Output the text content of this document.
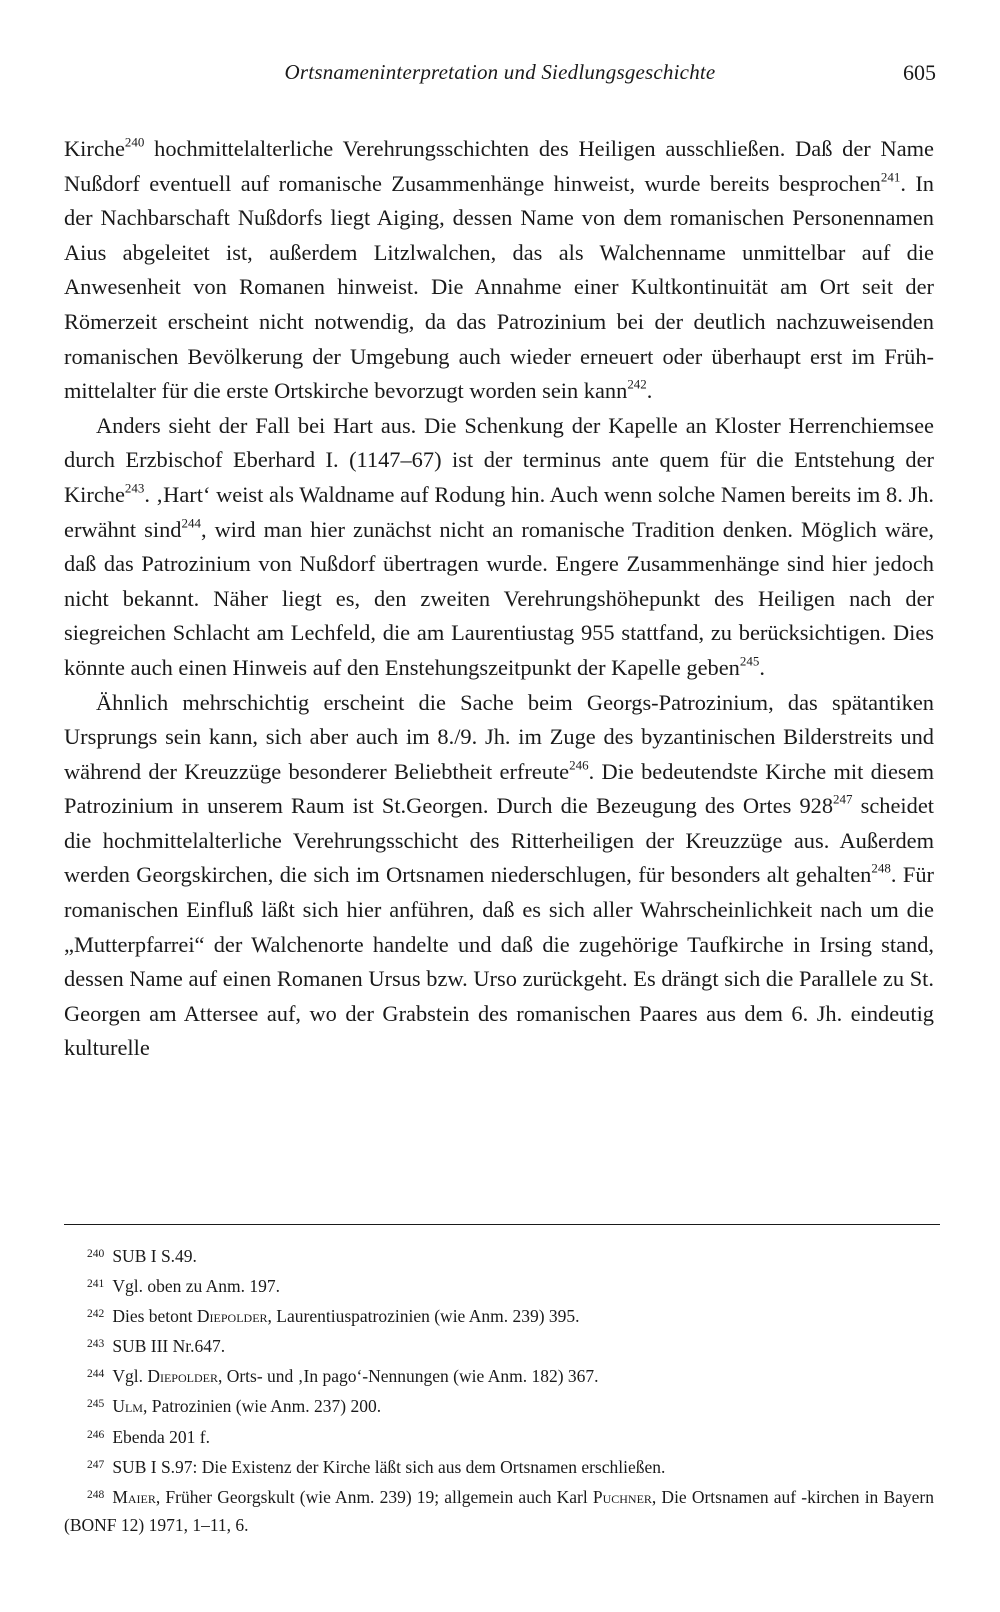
Ortsnameninterpretation und Siedlungsgeschichte	605

Kirche$^{240}$ hochmittelalterliche Verehrungsschichten des Heiligen ausschließen. Daß der Name Nußdorf eventuell auf romanische Zusammenhänge hinweist, wurde bereits besprochen$^{241}$. In der Nachbarschaft Nußdorfs liegt Aiging, dessen Name von dem romanischen Personennamen Aius abgeleitet ist, außerdem Litzlwalchen, das als Walchenname unmittelbar auf die Anwesenheit von Romanen hinweist. Die Annahme einer Kultkontinuität am Ort seit der Römerzeit erscheint nicht notwendig, da das Patrozinium bei der deutlich nachzuweisenden romanischen Bevölkerung der Umgebung auch wieder erneuert oder überhaupt erst im Frühmittelalter für die erste Ortskirche bevorzugt worden sein kann$^{242}$.

Anders sieht der Fall bei Hart aus. Die Schenkung der Kapelle an Kloster Herrenchiemsee durch Erzbischof Eberhard I. (1147–67) ist der terminus ante quem für die Entstehung der Kirche$^{243}$. ‚Hart‘ weist als Waldname auf Rodung hin. Auch wenn solche Namen bereits im 8. Jh. erwähnt sind$^{244}$, wird man hier zunächst nicht an romanische Tradition denken. Möglich wäre, daß das Patrozinium von Nußdorf übertragen wurde. Engere Zusammenhänge sind hier jedoch nicht bekannt. Näher liegt es, den zweiten Verehrungshöhepunkt des Heiligen nach der siegreichen Schlacht am Lechfeld, die am Laurentiustag 955 stattfand, zu berücksichtigen. Dies könnte auch einen Hinweis auf den Enstehungszeitpunkt der Kapelle geben$^{245}$.

Ähnlich mehrschichtig erscheint die Sache beim Georgs-Patrozinium, das spätantiken Ursprungs sein kann, sich aber auch im 8./9. Jh. im Zuge des byzantinischen Bilderstreits und während der Kreuzzüge besonderer Beliebtheit erfreute$^{246}$. Die bedeutendste Kirche mit diesem Patrozinium in unserem Raum ist St.Georgen. Durch die Bezeugung des Ortes $928^{247}$ scheidet die hochmittelalterliche Verehrungsschicht des Ritterheiligen der Kreuzzüge aus. Außerdem werden Georgskirchen, die sich im Ortsnamen niederschlugen, für besonders alt gehalten$^{248}$. Für romanischen Einfluß läßt sich hier anführen, daß es sich aller Wahrscheinlichkeit nach um die „Mutterpfarrei“ der Walchenorte handelte und daß die zugehörige Taufkirche in Irsing stand, dessen Name auf einen Romanen Ursus bzw. Urso zurückgeht. Es drängt sich die Parallele zu St. Georgen am Attersee auf, wo der Grabstein des romanischen Paares aus dem 6. Jh. eindeutig kulturelle

$^{240}$ SUB I S.49.

$^{241}$ Vgl. oben zu Anm. 197.

$^{242}$ Dies betont Diepolder, Laurentiuspatrozinien (wie Anm. 239) 395.

$^{243}$ SUB III Nr.647.

$^{244}$ Vgl. Diepolder, Orts- und ‚In pago‘-Nennungen (wie Anm. 182) 367.

$^{245}$ Ulm, Patrozinien (wie Anm. 237) 200.

$^{246}$ Ebenda 201 f.

$^{247}$ SUB I S.97: Die Existenz der Kirche läßt sich aus dem Ortsnamen erschließen.

$^{248}$ Maier, Früher Georgskult (wie Anm. 239) 19; allgemein auch Karl Puchner, Die Ortsnamen auf -kirchen in Bayern (BONF 12) 1971, 1–11, 6.
